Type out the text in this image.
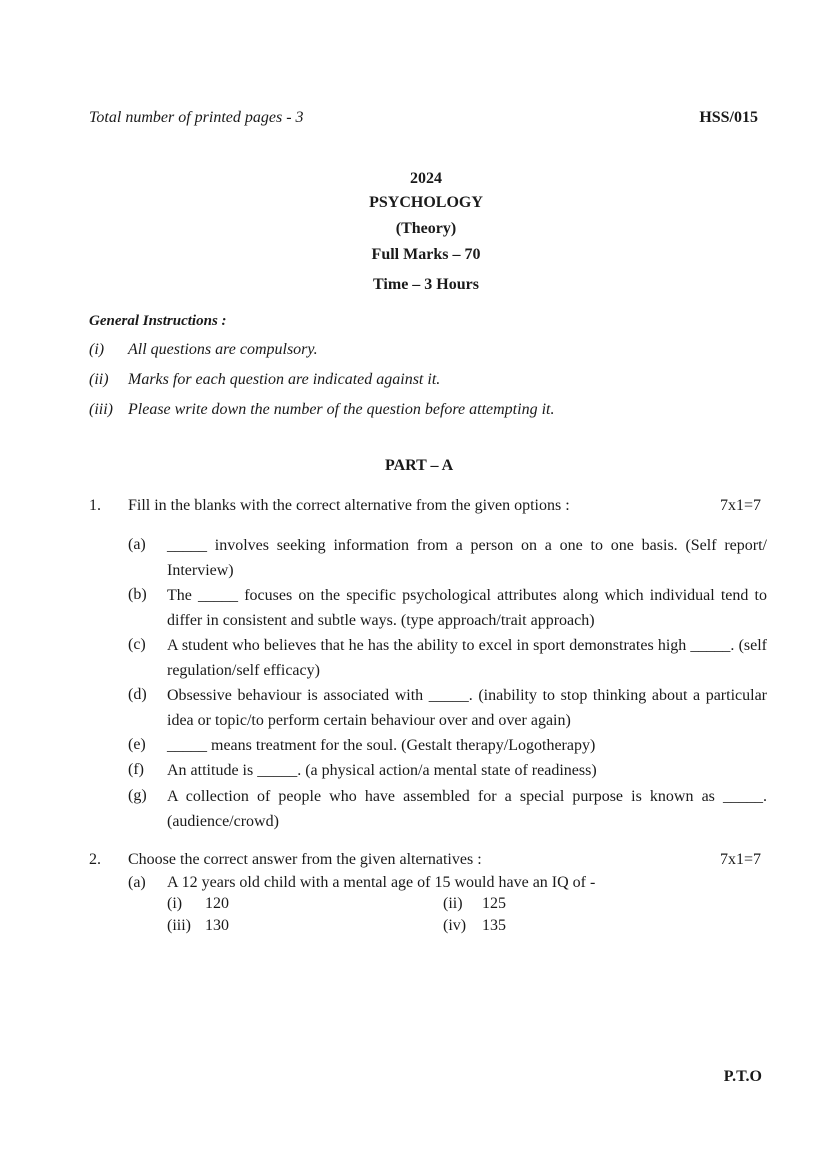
Total number of printed pages - 3	HSS/015
2024
PSYCHOLOGY
(Theory)
Full Marks – 70
Time – 3 Hours
General Instructions :
(i) All questions are compulsory.
(ii) Marks for each question are indicated against it.
(iii) Please write down the number of the question before attempting it.
PART – A
1. Fill in the blanks with the correct alternative from the given options :	7x1=7
(a) _____ involves seeking information from a person on a one to one basis. (Self report/ Interview)
(b) The _____ focuses on the specific psychological attributes along which individual tend to differ in consistent and subtle ways. (type approach/trait approach)
(c) A student who believes that he has the ability to excel in sport demonstrates high _____. (self regulation/self efficacy)
(d) Obsessive behaviour is associated with _____. (inability to stop thinking about a particular idea or topic/to perform certain behaviour over and over again)
(e) _____ means treatment for the soul. (Gestalt therapy/Logotherapy)
(f) An attitude is _____. (a physical action/a mental state of readiness)
(g) A collection of people who have assembled for a special purpose is known as _____. (audience/crowd)
2. Choose the correct answer from the given alternatives :	7x1=7
(a) A 12 years old child with a mental age of 15 would have an IQ of -
(i) 120	(ii) 125
(iii) 130	(iv) 135
P.T.O
